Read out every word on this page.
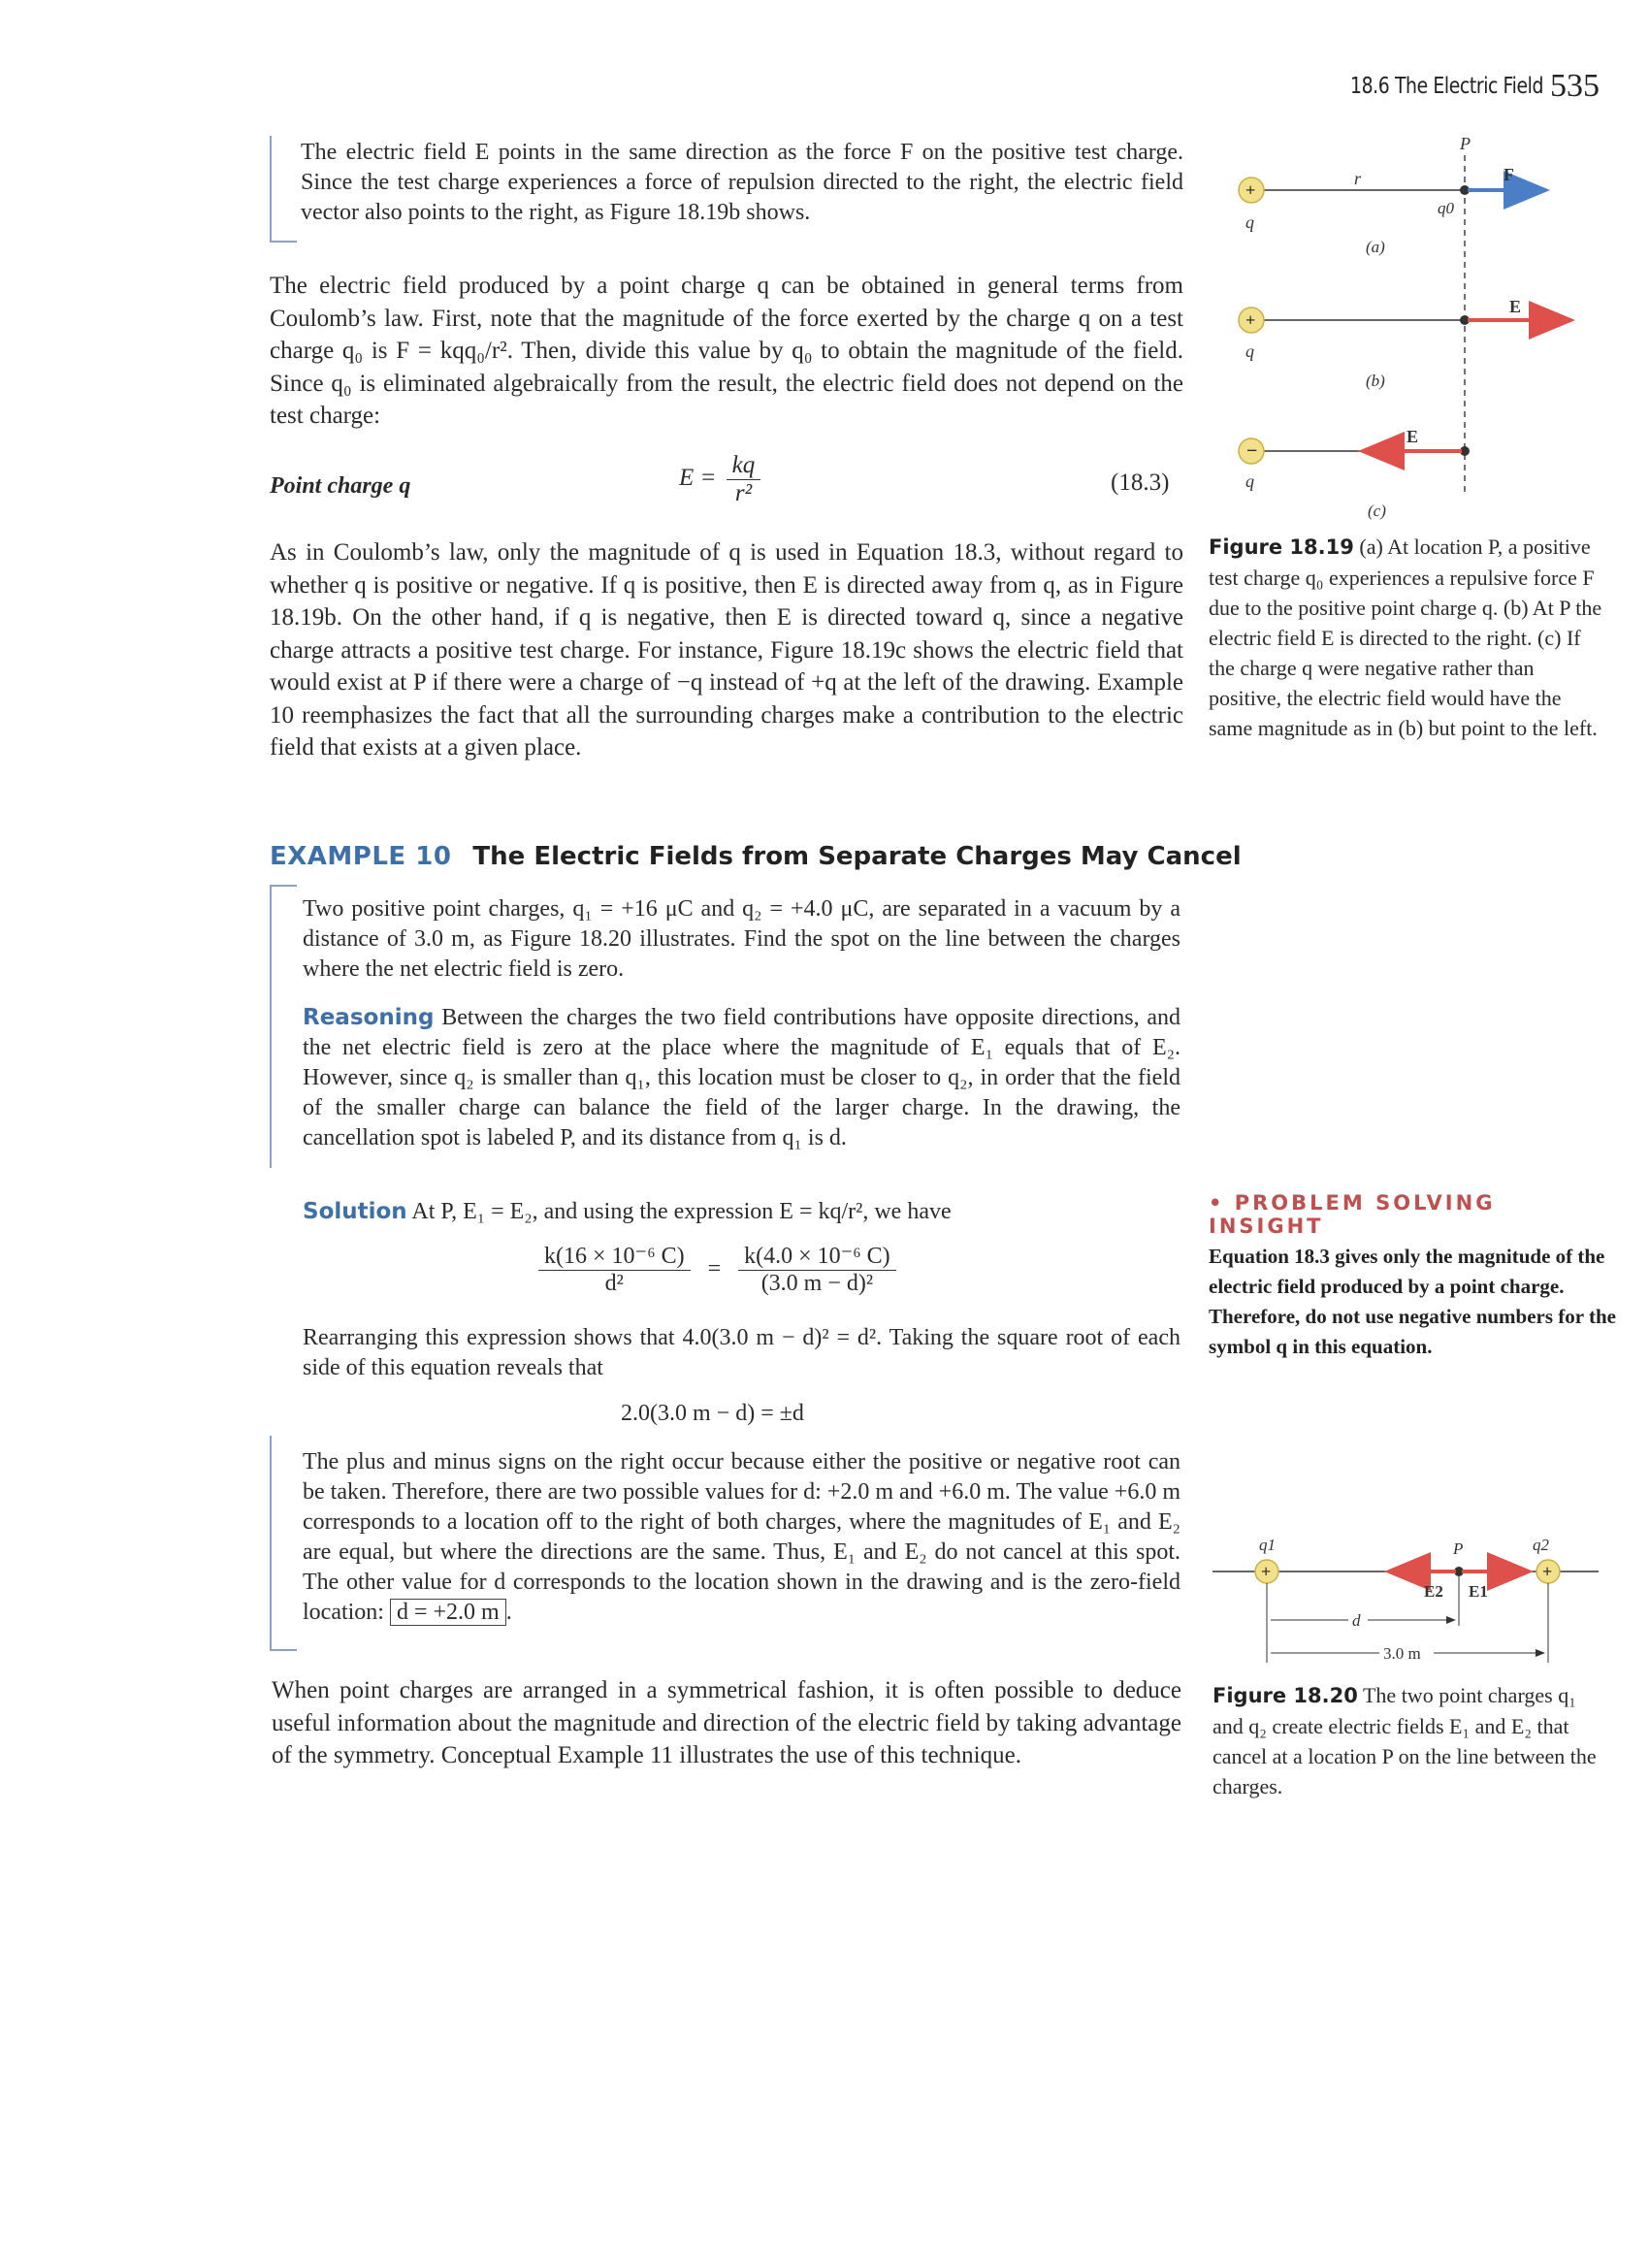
18.6 The Electric Field 535
The electric field E points in the same direction as the force F on the positive test charge. Since the test charge experiences a force of repulsion directed to the right, the electric field vector also points to the right, as Figure 18.19b shows.
The electric field produced by a point charge q can be obtained in general terms from Coulomb’s law. First, note that the magnitude of the force exerted by the charge q on a test charge q₀ is F = kqq₀/r². Then, divide this value by q₀ to obtain the magnitude of the field. Since q₀ is eliminated algebraically from the result, the electric field does not depend on the test charge:
Point charge q	$E = \frac{kq}{\text{r²}}$	(18.3)
As in Coulomb’s law, only the magnitude of q is used in Equation 18.3, without regard to whether q is positive or negative. If q is positive, then E is directed away from q, as in Figure 18.19b. On the other hand, if q is negative, then E is directed toward q, since a negative charge attracts a positive test charge. For instance, Figure 18.19c shows the electric field that would exist at P if there were a charge of −q instead of +q at the left of the drawing. Example 10 reemphasizes the fact that all the surrounding charges make a contribution to the electric field that exists at a given place.
EXAMPLE 10 The Electric Fields from Separate Charges May Cancel
Two positive point charges, q₁ = +16 μC and q₂ = +4.0 μC, are separated in a vacuum by a distance of 3.0 m, as Figure 18.20 illustrates. Find the spot on the line between the charges where the net electric field is zero.
Reasoning Between the charges the two field contributions have opposite directions, and the net electric field is zero at the place where the magnitude of E₁ equals that of E₂. However, since q₂ is smaller than q₁, this location must be closer to q₂, in order that the field of the smaller charge can balance the field of the larger charge. In the drawing, the cancellation spot is labeled P, and its distance from q₁ is d.
Solution At P, E₁ = E₂, and using the expression E = kq/r², we have
$\frac{\text{k(16 × 10⁻⁶ C)}}{\text{d²}} = \frac{\text{k(4.0 × 10⁻⁶ C)}}{\text{(3.0 m − d)²}}$
Rearranging this expression shows that 4.0(3.0 m − d)² = d². Taking the square root of each side of this equation reveals that
2.0(3.0 m − d) = ±d
The plus and minus signs on the right occur because either the positive or negative root can be taken. Therefore, there are two possible values for d: +2.0 m and +6.0 m. The value +6.0 m corresponds to a location off to the right of both charges, where the magnitudes of E₁ and E₂ are equal, but where the directions are the same. Thus, E₁ and E₂ do not cancel at this spot. The other value for d corresponds to the location shown in the drawing and is the zero-field location: d = +2.0 m .
When point charges are arranged in a symmetrical fashion, it is often possible to deduce useful information about the magnitude and direction of the electric field by taking advantage of the symmetry. Conceptual Example 11 illustrates the use of this technique.
P
+
q
r
q0
F
(a)
+
q
E
(b)
−
q
E
(c)
Figure 18.19 (a) At location P, a positive test charge q₀ experiences a repulsive force F due to the positive point charge q. (b) At P the electric field E is directed to the right. (c) If the charge q were negative rather than positive, the electric field would have the same magnitude as in (b) but point to the left.
• PROBLEM SOLVING INSIGHT
Equation 18.3 gives only the magnitude of the electric field produced by a point charge. Therefore, do not use negative numbers for the symbol q in this equation.
+
q1
+
q2
P
E2 E1
d
3.0 m
Figure 18.20 The two point charges q₁ and q₂ create electric fields E₁ and E₂ that cancel at a location P on the line between the charges.
